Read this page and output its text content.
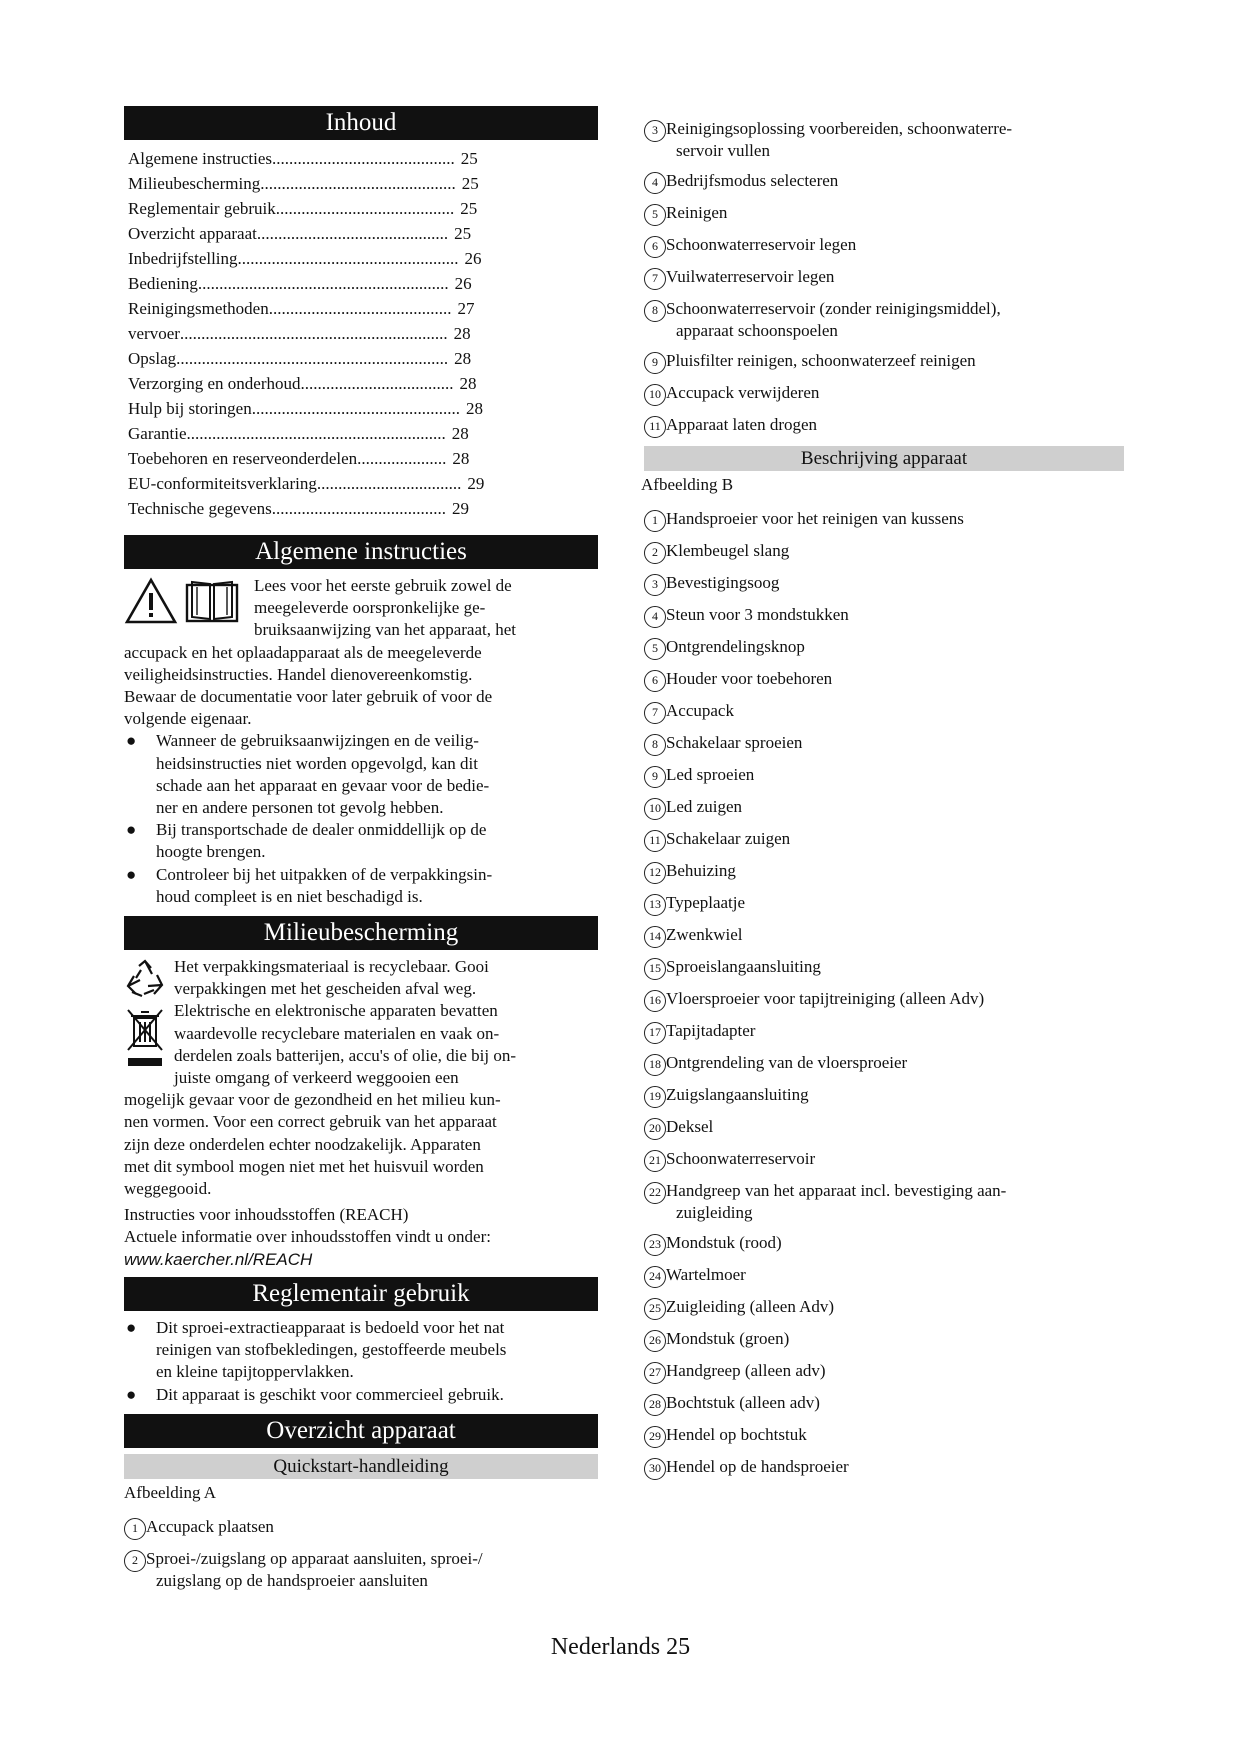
Inhoud
Algemene instructies ........................................... 25
Milieubescherming .............................................. 25
Reglementair gebruik .......................................... 25
Overzicht apparaat ............................................. 25
Inbedrijfstelling .................................................... 26
Bediening ........................................................... 26
Reinigingsmethoden ........................................... 27
vervoer ............................................................... 28
Opslag ................................................................ 28
Verzorging en onderhoud .................................... 28
Hulp bij storingen ................................................. 28
Garantie ............................................................. 28
Toebehoren en reserveonderdelen ..................... 28
EU-conformiteitsverklaring .................................. 29
Technische gegevens ......................................... 29
Algemene instructies
Lees voor het eerste gebruik zowel de
meegeleverde oorspronkelijke ge-
bruiksaanwijzing van het apparaat, het
accupack en het oplaadapparaat als de meegeleverde
veiligheidsinstructies. Handel dienovereenkomstig.
Bewaar de documentatie voor later gebruik of voor de
volgende eigenaar.
●	Wanneer de gebruiksaanwijzingen en de veilig-
heidsinstructies niet worden opgevolgd, kan dit
schade aan het apparaat en gevaar voor de bedie-
ner en andere personen tot gevolg hebben.
●	Bij transportschade de dealer onmiddellijk op de
hoogte brengen.
●	Controleer bij het uitpakken of de verpakkingsin-
houd compleet is en niet beschadigd is.
Milieubescherming
Het verpakkingsmateriaal is recyclebaar. Gooi
verpakkingen met het gescheiden afval weg.
Elektrische en elektronische apparaten bevatten
waardevolle recyclebare materialen en vaak on-
derdelen zoals batterijen, accu's of olie, die bij on-
juiste omgang of verkeerd weggooien een
mogelijk gevaar voor de gezondheid en het milieu kun-
nen vormen. Voor een correct gebruik van het apparaat
zijn deze onderdelen echter noodzakelijk. Apparaten
met dit symbool mogen niet met het huisvuil worden
weggegooid.
Instructies voor inhoudsstoffen (REACH)
Actuele informatie over inhoudsstoffen vindt u onder:
www.kaercher.nl/REACH
Reglementair gebruik
●	Dit sproei-extractieapparaat is bedoeld voor het nat
reinigen van stofbekledingen, gestoffeerde meubels
en kleine tapijtoppervlakken.
●	Dit apparaat is geschikt voor commercieel gebruik.
Overzicht apparaat
Quickstart-handleiding
Afbeelding A
1 Accupack plaatsen
2 Sproei-/zuigslang op apparaat aansluiten, sproei-/
zuigslang op de handsproeier aansluiten
3 Reinigingsoplossing voorbereiden, schoonwaterre-
servoir vullen
4 Bedrijfsmodus selecteren
5 Reinigen
6 Schoonwaterreservoir legen
7 Vuilwaterreservoir legen
8 Schoonwaterreservoir (zonder reinigingsmiddel),
apparaat schoonspoelen
9 Pluisfilter reinigen, schoonwaterzeef reinigen
10 Accupack verwijderen
11 Apparaat laten drogen
Beschrijving apparaat
Afbeelding B
1 Handsproeier voor het reinigen van kussens
2 Klembeugel slang
3 Bevestigingsoog
4 Steun voor 3 mondstukken
5 Ontgrendelingsknop
6 Houder voor toebehoren
7 Accupack
8 Schakelaar sproeien
9 Led sproeien
10 Led zuigen
11 Schakelaar zuigen
12 Behuizing
13 Typeplaatje
14 Zwenkwiel
15 Sproeislangaansluiting
16 Vloersproeier voor tapijtreiniging (alleen Adv)
17 Tapijtadapter
18 Ontgrendeling van de vloersproeier
19 Zuigslangaansluiting
20 Deksel
21 Schoonwaterreservoir
22 Handgreep van het apparaat incl. bevestiging aan-
zuigleiding
23 Mondstuk (rood)
24 Wartelmoer
25 Zuigleiding (alleen Adv)
26 Mondstuk (groen)
27 Handgreep (alleen adv)
28 Bochtstuk (alleen adv)
29 Hendel op bochtstuk
30 Hendel op de handsproeier
Nederlands 25
